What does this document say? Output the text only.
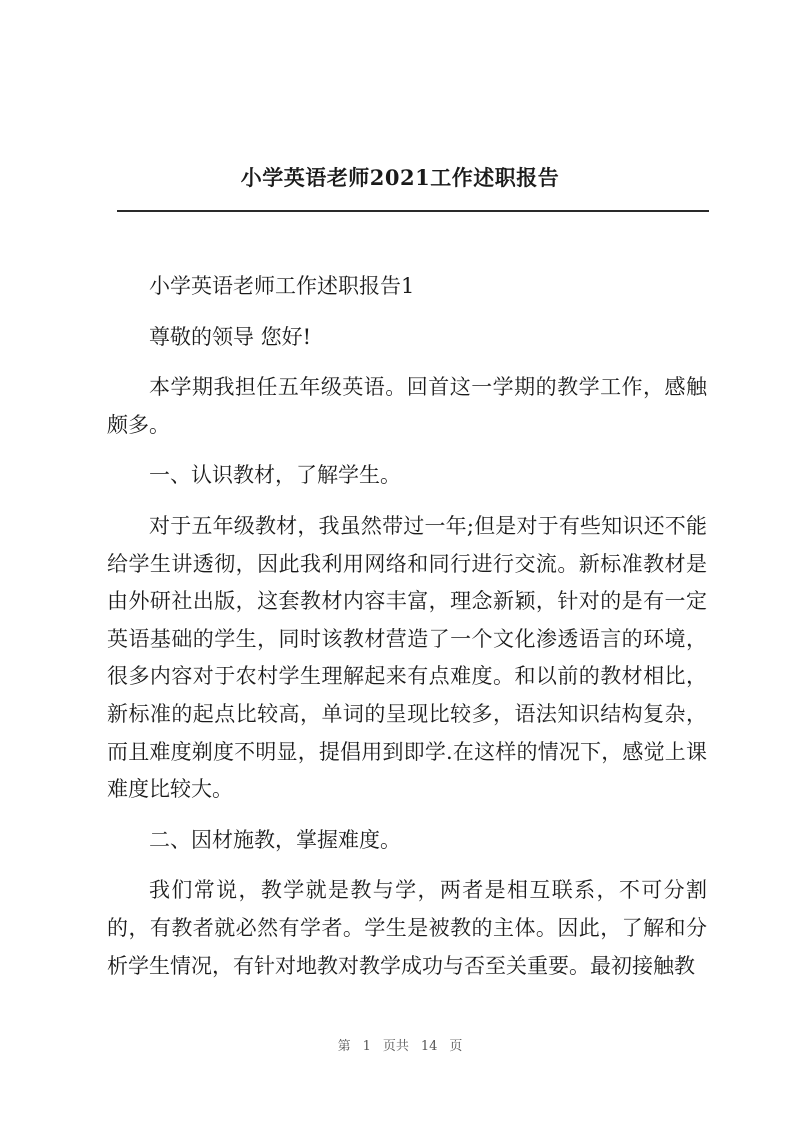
小学英语老师2021工作述职报告

小学英语老师工作述职报告1

尊敬的领导 您好!

本学期我担任五年级英语。回首这一学期的教学工作，感触颇多。

一、认识教材，了解学生。

对于五年级教材，我虽然带过一年;但是对于有些知识还不能给学生讲透彻，因此我利用网络和同行进行交流。新标准教材是由外研社出版，这套教材内容丰富，理念新颖，针对的是有一定英语基础的学生，同时该教材营造了一个文化渗透语言的环境，很多内容对于农村学生理解起来有点难度。和以前的教材相比，新标准的起点比较高，单词的呈现比较多，语法知识结构复杂，而且难度剃度不明显，提倡用到即学.在这样的情况下，感觉上课难度比较大。

二、因材施教，掌握难度。

我们常说，教学就是教与学，两者是相互联系，不可分割的，有教者就必然有学者。学生是被教的主体。因此，了解和分析学生情况，有针对地教对教学成功与否至关重要。最初接触教

第 1 页共 14 页
